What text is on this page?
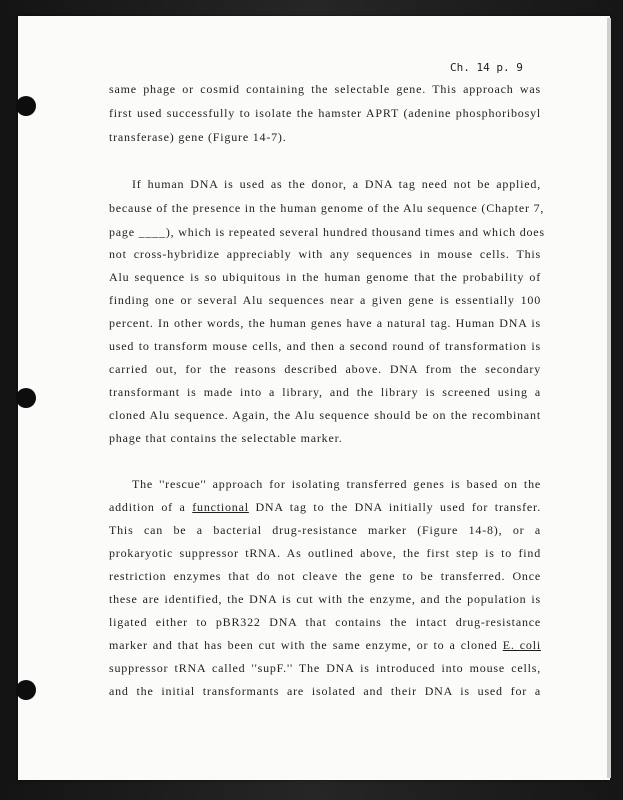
Ch. 14 p. 9
same phage or cosmid containing the selectable gene. This approach was
first used successfully to isolate the hamster APRT (adenine phosphoribosyl
transferase) gene (Figure 14-7).
If human DNA is used as the donor, a DNA tag need not be applied,
because of the presence in the human genome of the Alu sequence (Chapter 7,
page ____), which is repeated several hundred thousand times and which does
not cross-hybridize appreciably with any sequences in mouse cells. This
Alu sequence is so ubiquitous in the human genome that the probability of
finding one or several Alu sequences near a given gene is essentially 100
percent. In other words, the human genes have a natural tag. Human DNA is
used to transform mouse cells, and then a second round of transformation is
carried out, for the reasons described above. DNA from the secondary
transformant is made into a library, and the library is screened using a
cloned Alu sequence. Again, the Alu sequence should be on the recombinant
phage that contains the selectable marker.
The ''rescue'' approach for isolating transferred genes is based on the
addition of a functional DNA tag to the DNA initially used for transfer.
This can be a bacterial drug-resistance marker (Figure 14-8), or a
prokaryotic suppressor tRNA. As outlined above, the first step is to find
restriction enzymes that do not cleave the gene to be transferred. Once
these are identified, the DNA is cut with the enzyme, and the population is
ligated either to pBR322 DNA that contains the intact drug-resistance
marker and that has been cut with the same enzyme, or to a cloned E. coli
suppressor tRNA called ''supF.'' The DNA is introduced into mouse cells,
and the initial transformants are isolated and their DNA is used for a
